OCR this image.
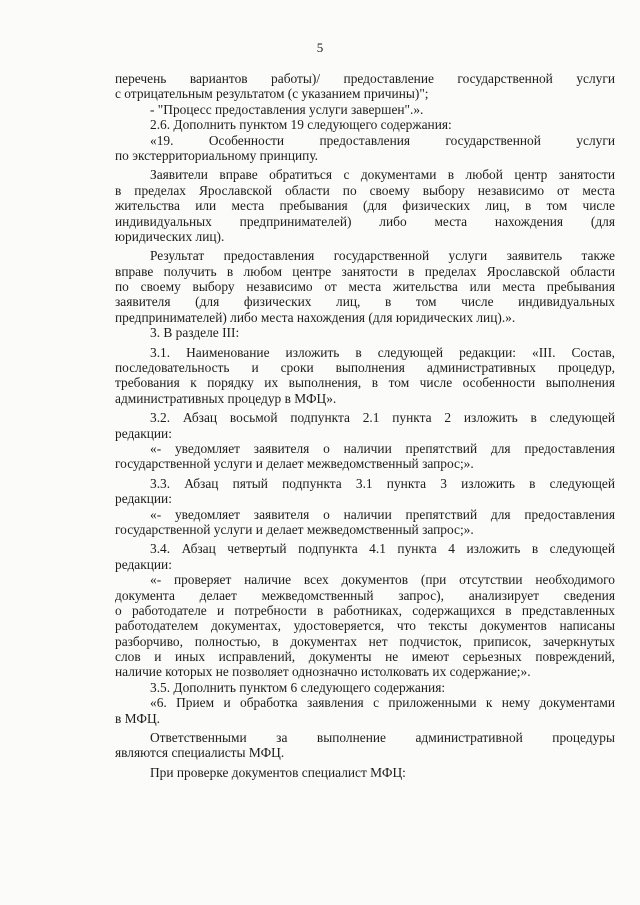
5
перечень вариантов работы)/ предоставление государственной услуги
с отрицательным результатом (с указанием причины)";
- "Процесс предоставления услуги завершен".».
2.6. Дополнить пунктом 19 следующего содержания:
«19. Особенности предоставления государственной услуги
по экстерриториальному принципу.
Заявители вправе обратиться с документами в любой центр занятости
в пределах Ярославской области по своему выбору независимо от места
жительства или места пребывания (для физических лиц, в том числе
индивидуальных предпринимателей) либо места нахождения (для
юридических лиц).
Результат предоставления государственной услуги заявитель также
вправе получить в любом центре занятости в пределах Ярославской области
по своему выбору независимо от места жительства или места пребывания
заявителя (для физических лиц, в том числе индивидуальных
предпринимателей) либо места нахождения (для юридических лиц).».
3. В разделе III:
3.1. Наименование изложить в следующей редакции: «III. Состав,
последовательность и сроки выполнения административных процедур,
требования к порядку их выполнения, в том числе особенности выполнения
административных процедур в МФЦ».
3.2. Абзац восьмой подпункта 2.1 пункта 2 изложить в следующей
редакции:
«- уведомляет заявителя о наличии препятствий для предоставления
государственной услуги и делает межведомственный запрос;».
3.3. Абзац пятый подпункта 3.1 пункта 3 изложить в следующей
редакции:
«- уведомляет заявителя о наличии препятствий для предоставления
государственной услуги и делает межведомственный запрос;».
3.4. Абзац четвертый подпункта 4.1 пункта 4 изложить в следующей
редакции:
«- проверяет наличие всех документов (при отсутствии необходимого
документа делает межведомственный запрос), анализирует сведения
о работодателе и потребности в работниках, содержащихся в представленных
работодателем документах, удостоверяется, что тексты документов написаны
разборчиво, полностью, в документах нет подчисток, приписок, зачеркнутых
слов и иных исправлений, документы не имеют серьезных повреждений,
наличие которых не позволяет однозначно истолковать их содержание;».
3.5. Дополнить пунктом 6 следующего содержания:
«6. Прием и обработка заявления с приложенными к нему документами
в МФЦ.
Ответственными за выполнение административной процедуры
являются специалисты МФЦ.
При проверке документов специалист МФЦ:
